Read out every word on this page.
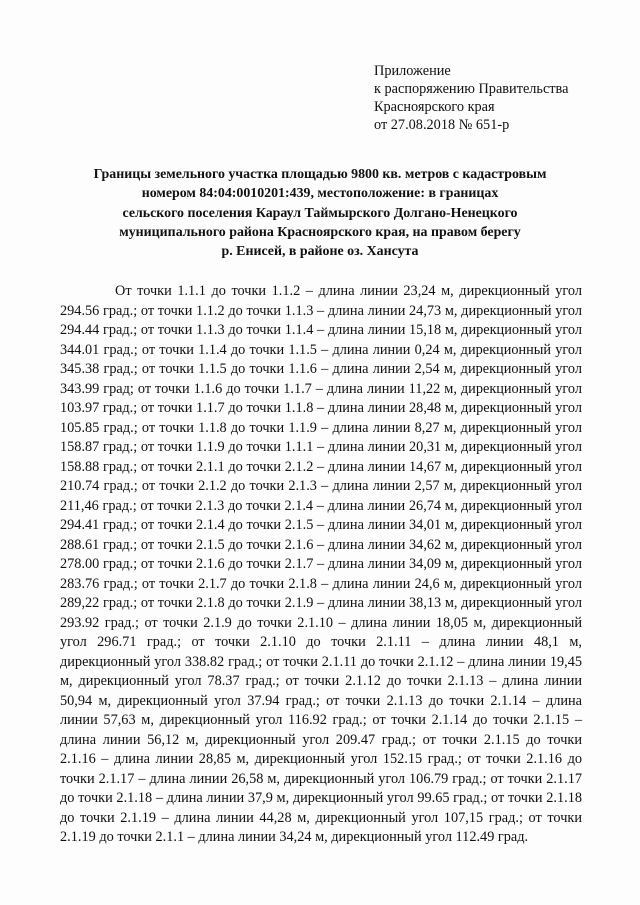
Приложение
к распоряжению Правительства
Красноярского края
от 27.08.2018 № 651-р
Границы земельного участка площадью 9800 кв. метров с кадастровым
номером 84:04:0010201:439, местоположение: в границах
сельского поселения Караул Таймырского Долгано-Ненецкого
муниципального района Красноярского края, на правом берегу
р. Енисей, в районе оз. Хансута

От точки 1.1.1 до точки 1.1.2 – длина линии 23,24 м, дирекционный угол 294.56 град.; от точки 1.1.2 до точки 1.1.3 – длина линии 24,73 м, дирекционный угол 294.44 град.; от точки 1.1.3 до точки 1.1.4 – длина линии 15,18 м, дирекционный угол 344.01 град.; от точки 1.1.4 до точки 1.1.5 – длина линии 0,24 м, дирекционный угол 345.38 град.; от точки 1.1.5 до точки 1.1.6 – длина линии 2,54 м, дирекционный угол 343.99 град; от точки 1.1.6 до точки 1.1.7 – длина линии 11,22 м, дирекционный угол 103.97 град.; от точки 1.1.7 до точки 1.1.8 – длина линии 28,48 м, дирекционный угол 105.85 град.; от точки 1.1.8 до точки 1.1.9 – длина линии 8,27 м, дирекционный угол 158.87 град.; от точки 1.1.9 до точки 1.1.1 – длина линии 20,31 м, дирекционный угол 158.88 град.; от точки 2.1.1 до точки 2.1.2 – длина линии 14,67 м, дирекционный угол 210.74 град.; от точки 2.1.2 до точки 2.1.3 – длина линии 2,57 м, дирекционный угол 211,46 град.; от точки 2.1.3 до точки 2.1.4 – длина линии 26,74 м, дирекционный угол 294.41 град.; от точки 2.1.4 до точки 2.1.5 – длина линии 34,01 м, дирекционный угол 288.61 град.; от точки 2.1.5 до точки 2.1.6 – длина линии 34,62 м, дирекционный угол 278.00 град.; от точки 2.1.6 до точки 2.1.7 – длина линии 34,09 м, дирекционный угол 283.76 град.; от точки 2.1.7 до точки 2.1.8 – длина линии 24,6 м, дирекционный угол 289,22 град.; от точки 2.1.8 до точки 2.1.9 – длина линии 38,13 м, дирекционный угол 293.92 град.; от точки 2.1.9 до точки 2.1.10 – длина линии 18,05 м, дирекционный угол 296.71 град.; от точки 2.1.10 до точки 2.1.11 – длина линии 48,1 м, дирекционный угол 338.82 град.; от точки 2.1.11 до точки 2.1.12 – длина линии 19,45 м, дирекционный угол 78.37 град.; от точки 2.1.12 до точки 2.1.13 – длина линии 50,94 м, дирекционный угол 37.94 град.; от точки 2.1.13 до точки 2.1.14 – длина линии 57,63 м, дирекционный угол 116.92 град.; от точки 2.1.14 до точки 2.1.15 – длина линии 56,12 м, дирекционный угол 209.47 град.; от точки 2.1.15 до точки 2.1.16 – длина линии 28,85 м, дирекционный угол 152.15 град.; от точки 2.1.16 до точки 2.1.17 – длина линии 26,58 м, дирекционный угол 106.79 град.; от точки 2.1.17 до точки 2.1.18 – длина линии 37,9 м, дирекционный угол 99.65 град.; от точки 2.1.18 до точки 2.1.19 – длина линии 44,28 м, дирекционный угол 107,15 град.; от точки 2.1.19 до точки 2.1.1 – длина линии 34,24 м, дирекционный угол 112.49 град.
